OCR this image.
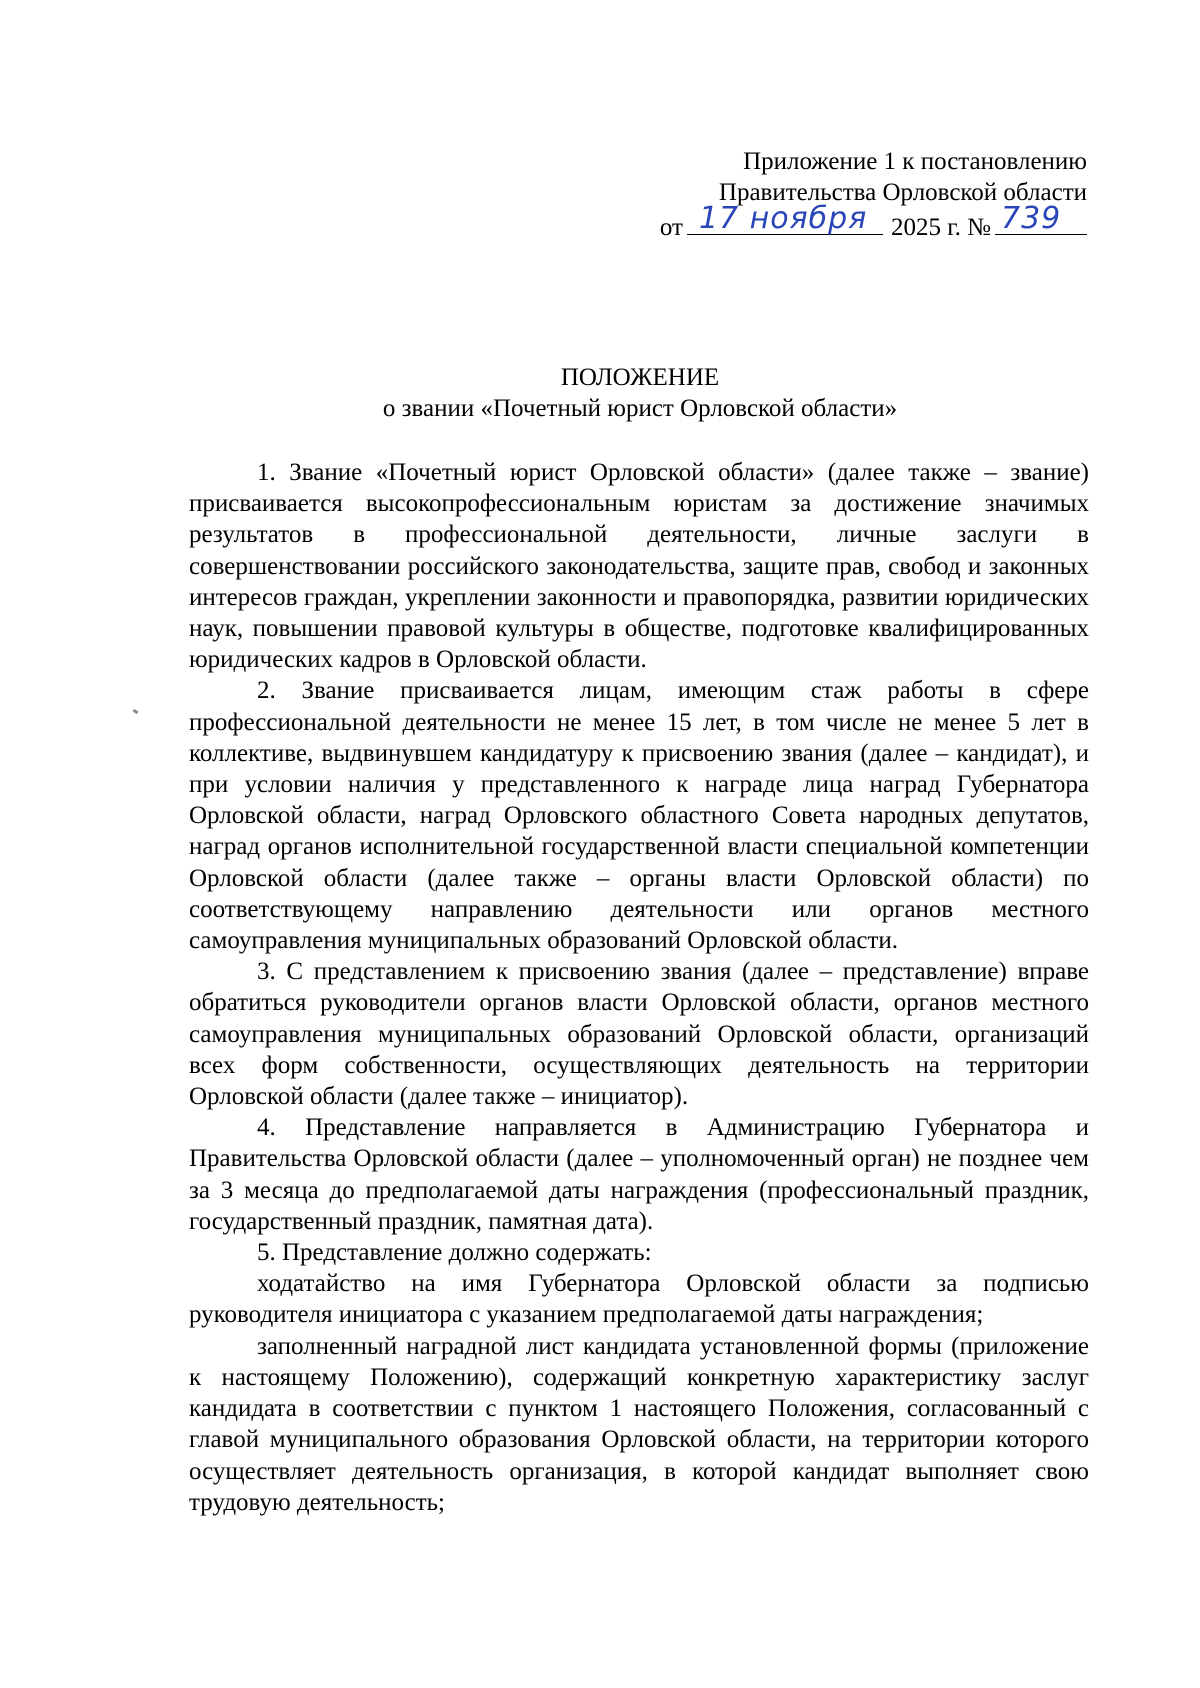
Приложение 1 к постановлению
Правительства Орловской области
от 17 ноября 2025 г. № 739
ПОЛОЖЕНИЕ
о звании «Почетный юрист Орловской области»

1. Звание «Почетный юрист Орловской области» (далее также – звание) присваивается высокопрофессиональным юристам за достижение значимых результатов в профессиональной деятельности, личные заслуги в совершенствовании российского законодательства, защите прав, свобод и законных интересов граждан, укреплении законности и правопорядка, развитии юридических наук, повышении правовой культуры в обществе, подготовке квалифицированных юридических кадров в Орловской области.

2. Звание присваивается лицам, имеющим стаж работы в сфере профессиональной деятельности не менее 15 лет, в том числе не менее 5 лет в коллективе, выдвинувшем кандидатуру к присвоению звания (далее – кандидат), и при условии наличия у представленного к награде лица наград Губернатора Орловской области, наград Орловского областного Совета народных депутатов, наград органов исполнительной государственной власти специальной компетенции Орловской области (далее также – органы власти Орловской области) по соответствующему направлению деятельности или органов местного самоуправления муниципальных образований Орловской области.

3. С представлением к присвоению звания (далее – представление) вправе обратиться руководители органов власти Орловской области, органов местного самоуправления муниципальных образований Орловской области, организаций всех форм собственности, осуществляющих деятельность на территории Орловской области (далее также – инициатор).

4. Представление направляется в Администрацию Губернатора и Правительства Орловской области (далее – уполномоченный орган) не позднее чем за 3 месяца до предполагаемой даты награждения (профессиональный праздник, государственный праздник, памятная дата).

5. Представление должно содержать:

ходатайство на имя Губернатора Орловской области за подписью руководителя инициатора с указанием предполагаемой даты награждения;

заполненный наградной лист кандидата установленной формы (приложение к настоящему Положению), содержащий конкретную характеристику заслуг кандидата в соответствии с пунктом 1 настоящего Положения, согласованный с главой муниципального образования Орловской области, на территории которого осуществляет деятельность организация, в которой кандидат выполняет свою трудовую деятельность;
